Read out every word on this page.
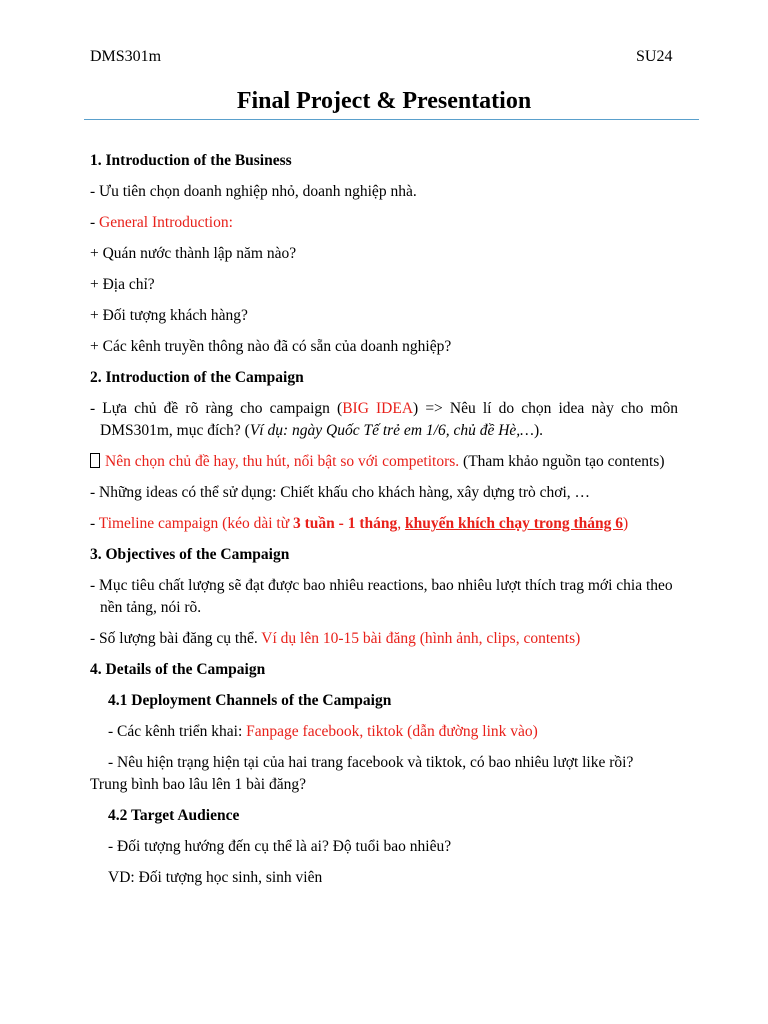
DMS301m	SU24
Final Project & Presentation

1. Introduction of the Business

- Ưu tiên chọn doanh nghiệp nhỏ, doanh nghiệp nhà.

- General Introduction:

+ Quán nước thành lập năm nào?

+ Địa chỉ?

+ Đối tượng khách hàng?

+ Các kênh truyền thông nào đã có sẵn của doanh nghiệp?

2. Introduction of the Campaign

- Lựa chủ đề rõ ràng cho campaign (BIG IDEA) => Nêu lí do chọn idea này cho môn DMS301m, mục đích? (Ví dụ: ngày Quốc Tế trẻ em 1/6, chủ đề Hè,…).

Nên chọn chủ đề hay, thu hút, nổi bật so với competitors. (Tham khảo nguồn tạo contents)

- Những ideas có thể sử dụng: Chiết khấu cho khách hàng, xây dựng trò chơi, …

- Timeline campaign (kéo dài từ 3 tuần - 1 tháng, khuyến khích chạy trong tháng 6)

3. Objectives of the Campaign

- Mục tiêu chất lượng sẽ đạt được bao nhiêu reactions, bao nhiêu lượt thích trag mới chia theo nền tảng, nói rõ.

- Số lượng bài đăng cụ thể. Ví dụ lên 10-15 bài đăng (hình ảnh, clips, contents)

4. Details of the Campaign

4.1 Deployment Channels of the Campaign

- Các kênh triển khai: Fanpage facebook, tiktok (dẫn đường link vào)

- Nêu hiện trạng hiện tại của hai trang facebook và tiktok, có bao nhiêu lượt like rồi?

Trung bình bao lâu lên 1 bài đăng?

4.2 Target Audience

- Đối tượng hướng đến cụ thể là ai? Độ tuổi bao nhiêu?

VD: Đối tượng học sinh, sinh viên
